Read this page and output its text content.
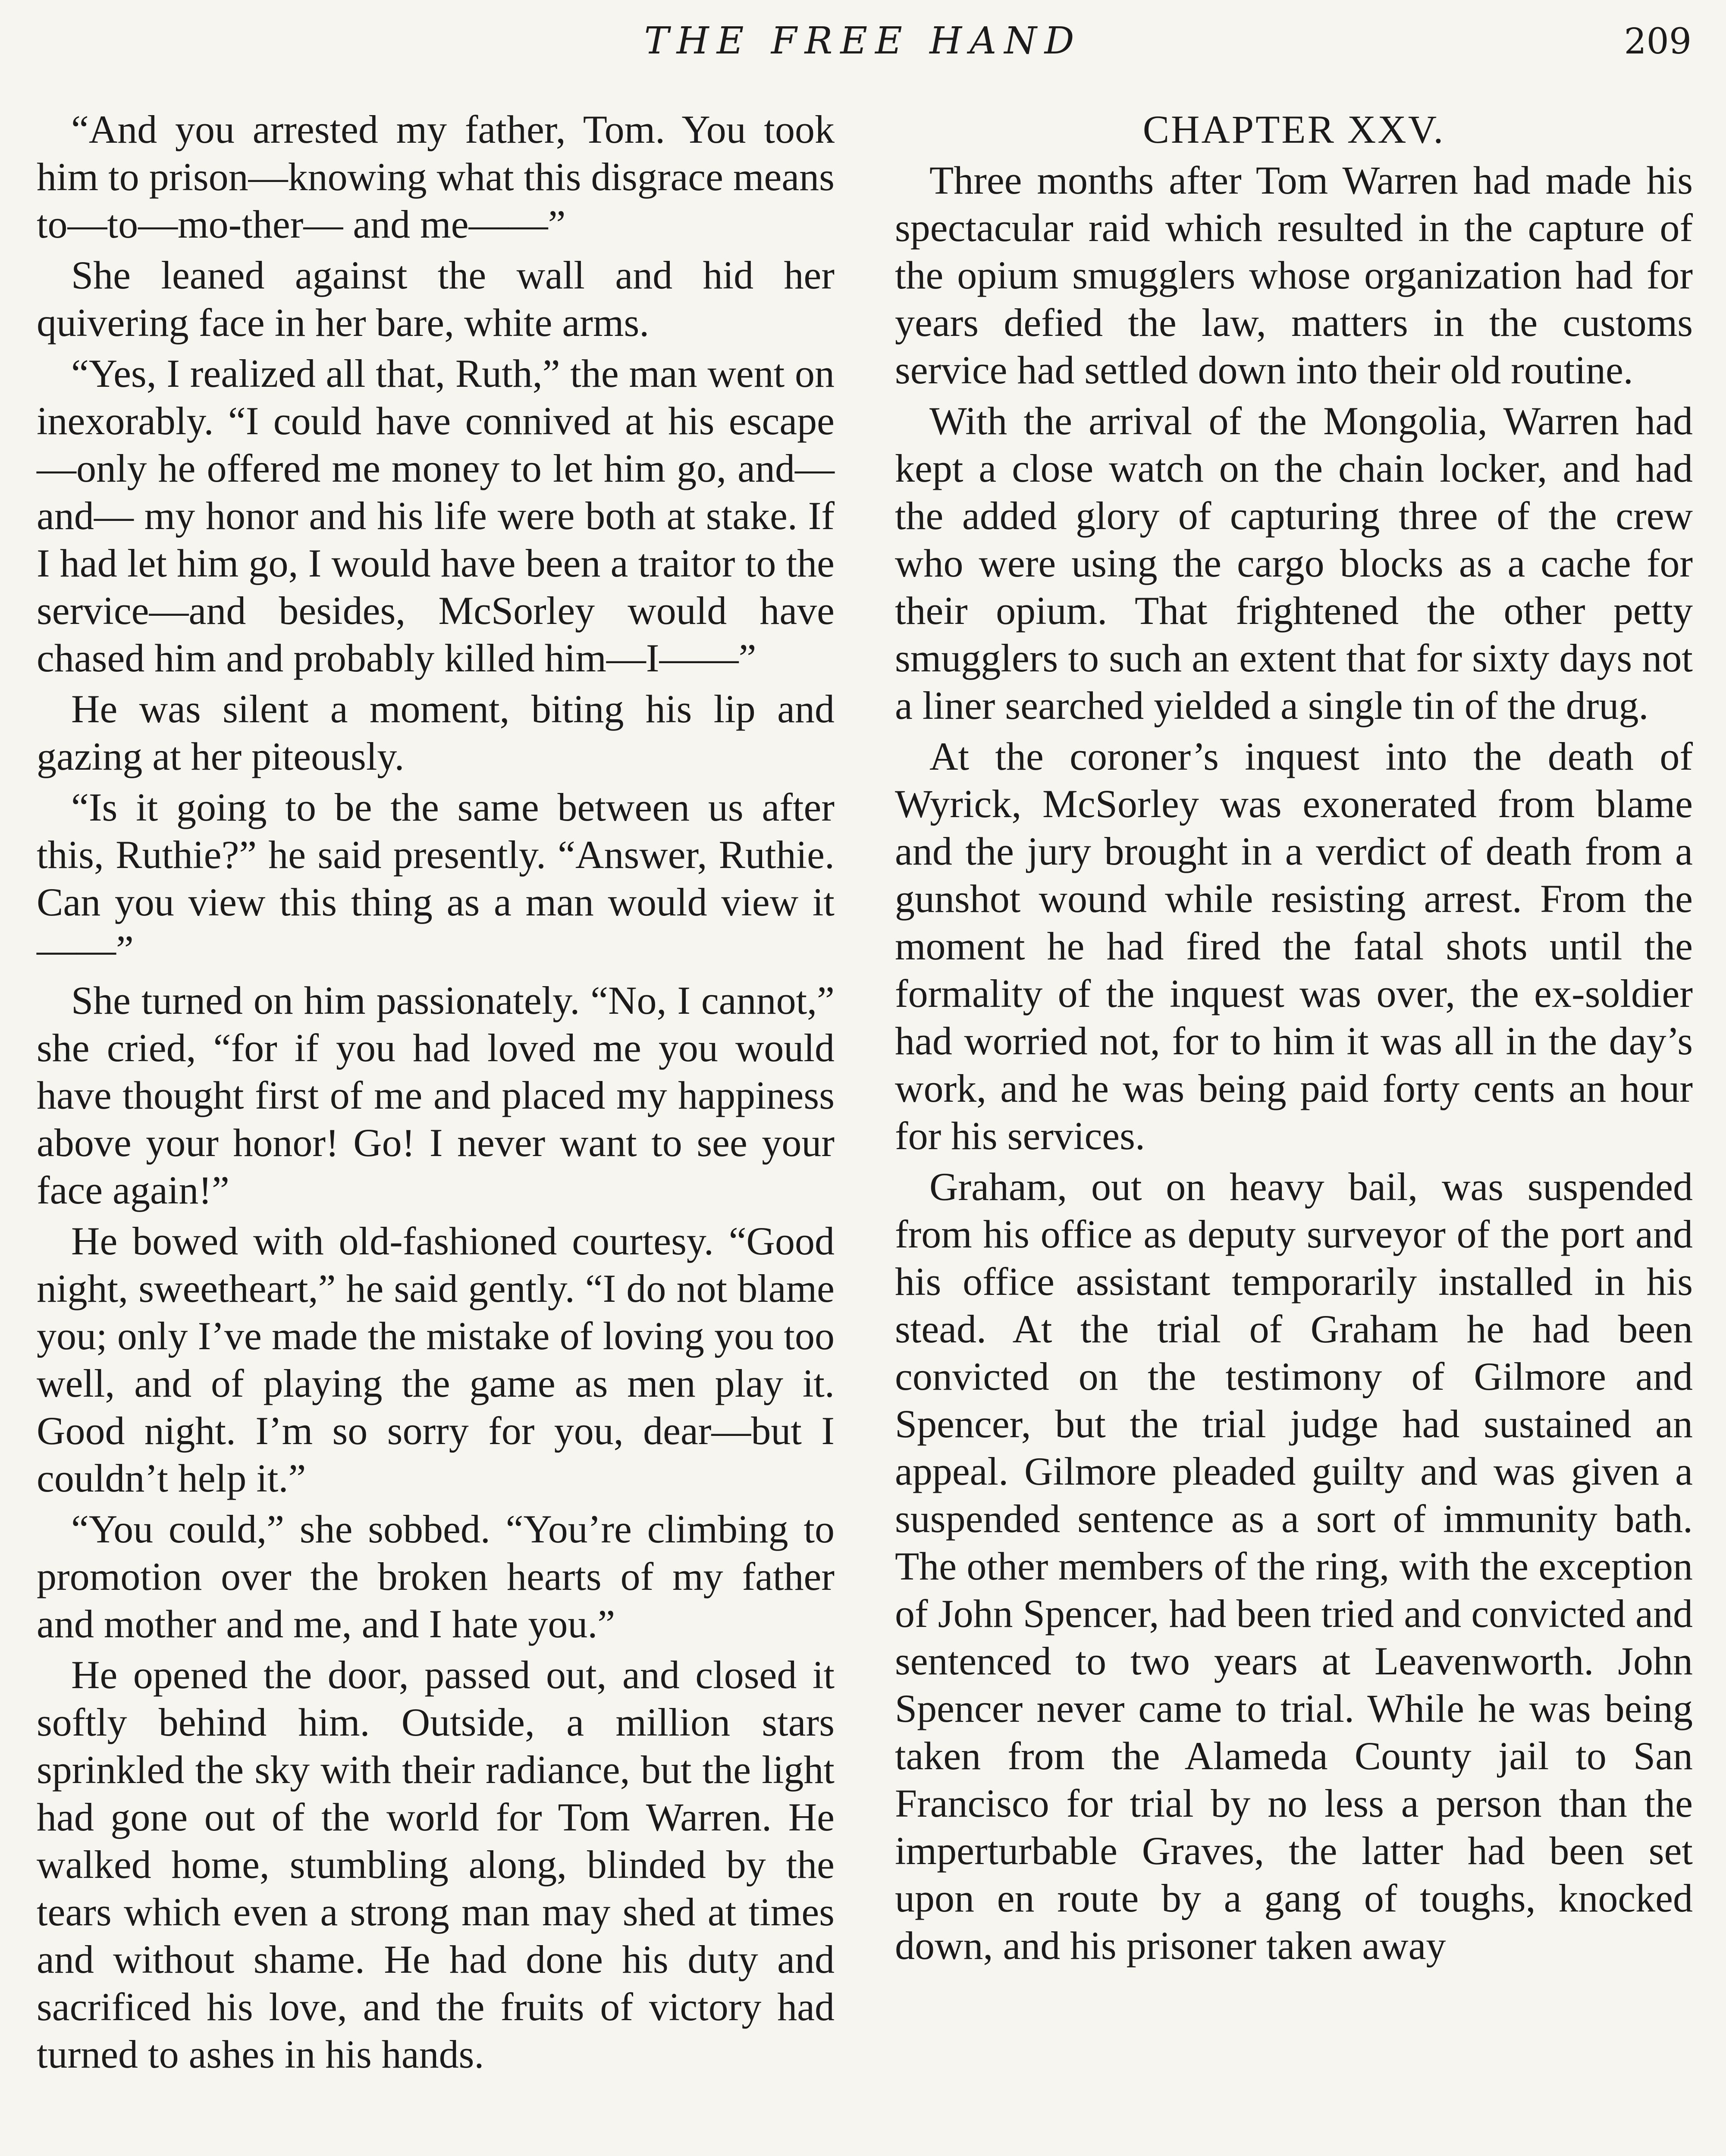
THE FREE HAND	209

“And you arrested my father, Tom. You took him to prison—knowing what this disgrace means to—to—mo-ther— and me——”

She leaned against the wall and hid her quivering face in her bare, white arms.

“Yes, I realized all that, Ruth,” the man went on inexorably. “I could have connived at his escape—only he offered me money to let him go, and—and— my honor and his life were both at stake. If I had let him go, I would have been a traitor to the service—and besides, McSorley would have chased him and probably killed him—I——”

He was silent a moment, biting his lip and gazing at her piteously.

“Is it going to be the same between us after this, Ruthie?” he said presently. “Answer, Ruthie. Can you view this thing as a man would view it——”

She turned on him passionately. “No, I cannot,” she cried, “for if you had loved me you would have thought first of me and placed my happiness above your honor! Go! I never want to see your face again!”

He bowed with old-fashioned courtesy. “Good night, sweetheart,” he said gently. “I do not blame you; only I’ve made the mistake of loving you too well, and of playing the game as men play it. Good night. I’m so sorry for you, dear—but I couldn’t help it.”

“You could,” she sobbed. “You’re climbing to promotion over the broken hearts of my father and mother and me, and I hate you.”

He opened the door, passed out, and closed it softly behind him. Outside, a million stars sprinkled the sky with their radiance, but the light had gone out of the world for Tom Warren. He walked home, stumbling along, blinded by the tears which even a strong man may shed at times and without shame. He had done his duty and sacrificed his love, and the fruits of victory had turned to ashes in his hands.

CHAPTER XXV.

Three months after Tom Warren had made his spectacular raid which resulted in the capture of the opium smugglers whose organization had for years defied the law, matters in the customs service had settled down into their old routine.

With the arrival of the Mongolia, Warren had kept a close watch on the chain locker, and had the added glory of capturing three of the crew who were using the cargo blocks as a cache for their opium. That frightened the other petty smugglers to such an extent that for sixty days not a liner searched yielded a single tin of the drug.

At the coroner’s inquest into the death of Wyrick, McSorley was exonerated from blame and the jury brought in a verdict of death from a gunshot wound while resisting arrest. From the moment he had fired the fatal shots until the formality of the inquest was over, the ex-soldier had worried not, for to him it was all in the day’s work, and he was being paid forty cents an hour for his services.

Graham, out on heavy bail, was suspended from his office as deputy surveyor of the port and his office assistant temporarily installed in his stead. At the trial of Graham he had been convicted on the testimony of Gilmore and Spencer, but the trial judge had sustained an appeal. Gilmore pleaded guilty and was given a suspended sentence as a sort of immunity bath. The other members of the ring, with the exception of John Spencer, had been tried and convicted and sentenced to two years at Leavenworth. John Spencer never came to trial. While he was being taken from the Alameda County jail to San Francisco for trial by no less a person than the imperturbable Graves, the latter had been set upon en route by a gang of toughs, knocked down, and his prisoner taken away
